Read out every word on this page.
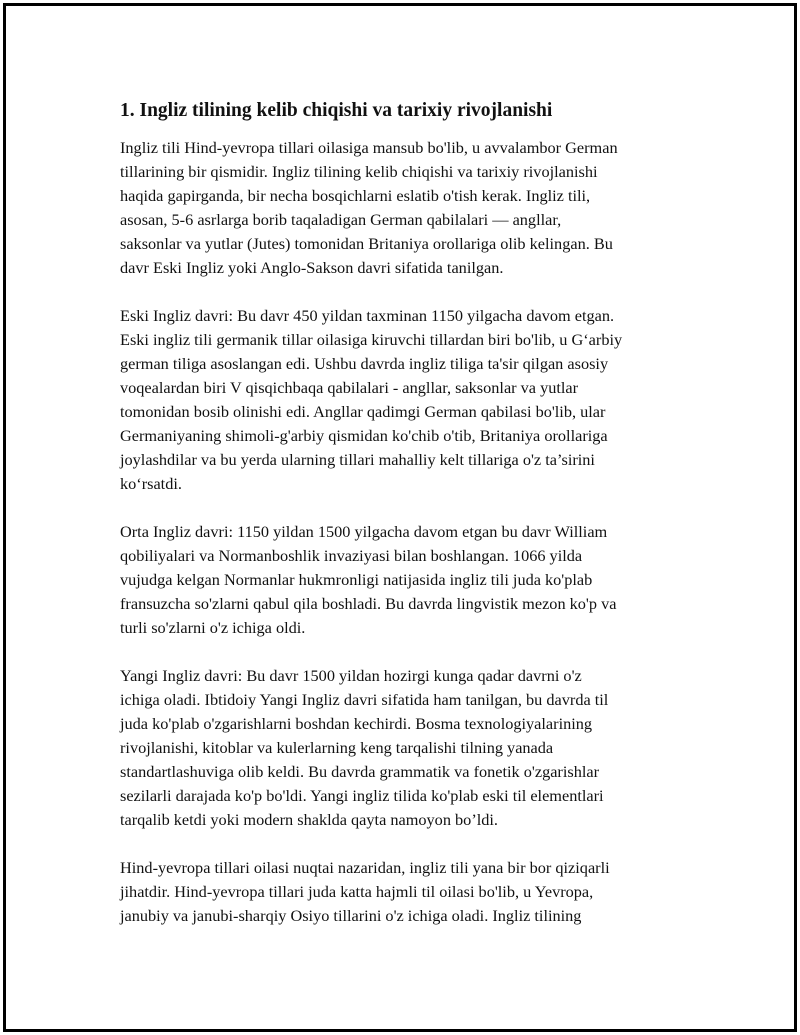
1. Ingliz tilining kelib chiqishi va tarixiy rivojlanishi

Ingliz tili Hind-yevropa tillari oilasiga mansub bo'lib, u avvalambor German
tillarining bir qismidir. Ingliz tilining kelib chiqishi va tarixiy rivojlanishi
haqida gapirganda, bir necha bosqichlarni eslatib o'tish kerak. Ingliz tili,
asosan, 5-6 asrlarga borib taqaladigan German qabilalari — angllar,
saksonlar va yutlar (Jutes) tomonidan Britaniya orollariga olib kelingan. Bu
davr Eski Ingliz yoki Anglo-Sakson davri sifatida tanilgan.

Eski Ingliz davri: Bu davr 450 yildan taxminan 1150 yilgacha davom etgan.
Eski ingliz tili germanik tillar oilasiga kiruvchi tillardan biri bo'lib, u G‘arbiy
german tiliga asoslangan edi. Ushbu davrda ingliz tiliga ta'sir qilgan asosiy
voqealardan biri V qisqichbaqa qabilalari - angllar, saksonlar va yutlar
tomonidan bosib olinishi edi. Angllar qadimgi German qabilasi bo'lib, ular
Germaniyaning shimoli-g'arbiy qismidan ko'chib o'tib, Britaniya orollariga
joylashdilar va bu yerda ularning tillari mahalliy kelt tillariga o'z ta’sirini
ko‘rsatdi.

Orta Ingliz davri: 1150 yildan 1500 yilgacha davom etgan bu davr William
qobiliyalari va Normanboshlik invaziyasi bilan boshlangan. 1066 yilda
vujudga kelgan Normanlar hukmronligi natijasida ingliz tili juda ko'plab
fransuzcha so'zlarni qabul qila boshladi. Bu davrda lingvistik mezon ko'p va
turli so'zlarni o'z ichiga oldi.

Yangi Ingliz davri: Bu davr 1500 yildan hozirgi kunga qadar davrni o'z
ichiga oladi. Ibtidoiy Yangi Ingliz davri sifatida ham tanilgan, bu davrda til
juda ko'plab o'zgarishlarni boshdan kechirdi. Bosma texnologiyalarining
rivojlanishi, kitoblar va kulerlarning keng tarqalishi tilning yanada
standartlashuviga olib keldi. Bu davrda grammatik va fonetik o'zgarishlar
sezilarli darajada ko'p bo'ldi. Yangi ingliz tilida ko'plab eski til elementlari
tarqalib ketdi yoki modern shaklda qayta namoyon bo’ldi.

Hind-yevropa tillari oilasi nuqtai nazaridan, ingliz tili yana bir bor qiziqarli
jihatdir. Hind-yevropa tillari juda katta hajmli til oilasi bo'lib, u Yevropa,
janubiy va janubi-sharqiy Osiyo tillarini o'z ichiga oladi. Ingliz tilining
